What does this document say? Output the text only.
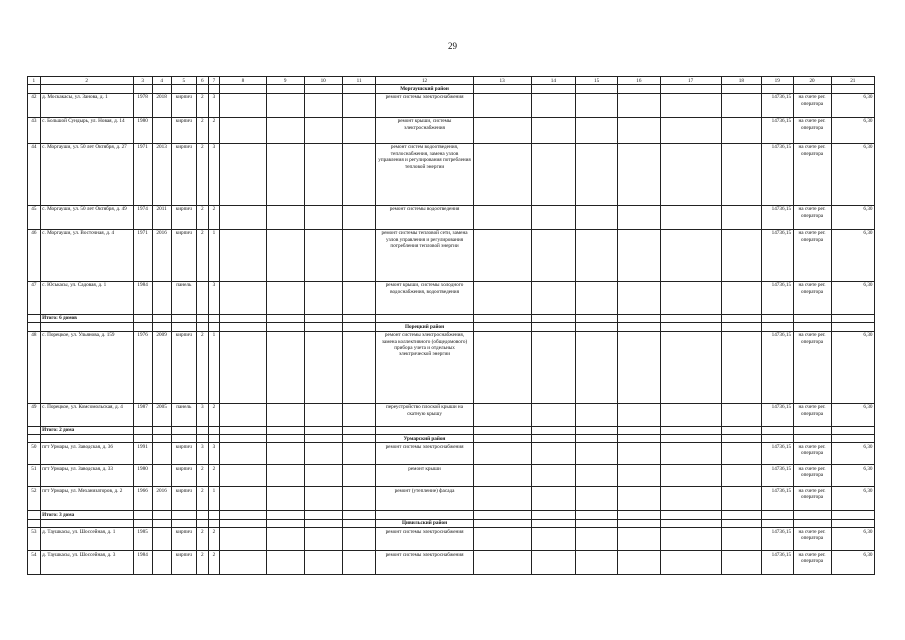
29
1	2	3	4	5	6	7	8	9	10	11	12	13	14	15	16	17	18	19	20	21
											Моргаушский район									
42	д. Москакасы, ул. Занова, д. 1	1978	2018	кирпич	2	3					ремонт системы электроснабжения							14736,15	на счете рег. оператора	6,30
43	с. Большой Сундырь, ул. Новая, д. 14	1980		кирпич	2	2					ремонт крыши, системы электроснабжения							14736,15	на счете рег. оператора	6,30
44	с. Моргауши, ул. 50 лет Октября, д. 27	1971	2013	кирпич	2	3					ремонт систем водоотведения, теплоснабжения, замена узлов управления и регулирования потребления тепловой энергии							14736,15	на счете рег. оператора	6,30
45	с. Моргауши, ул. 50 лет Октября, д. 49	1974	2011	кирпич	2	2					ремонт системы водоотведения							14736,15	на счете рег. оператора	6,30
46	с. Моргауши, ул. Восточная, д. 4	1971	2016	кирпич	2	1					ремонт системы тепловой сети, замена узлов управления и регулирования потребления тепловой энергии							14736,15	на счете рег. оператора	6,30
47	с. Юськасы, ул. Садовая, д. 1	1984		панель		3					ремонт крыши, системы холодного водоснабжения, водоотведения							14736,15	на счете рег. оператора	6,30
	Итого: 6 домов																			
											Порецкий район									
48	с. Порецкое, ул. Ульянова, д. 159	1976	2009	кирпич	2	1					ремонт системы электроснабжения, замена коллективного (общедомового) прибора учета и отдельных электрической энергии							14736,15	на счете рег. оператора	6,30
49	с. Порецкое, ул. Комсомольская, д. 4	1987	2005	панель	3	2					переустройство плоской крыши на скатную крышу							14736,15	на счете рег. оператора	6,30
	Итого: 2 дома																			
											Урмарский район									
50	пгт Урмары, ул. Заводская, д. 36	1991		кирпич	3	3					ремонт системы электроснабжения							14736,15	на счете рег. оператора	6,30
51	пгт Урмары, ул. Заводская, д. 33	1980		кирпич	2	2					ремонт крыши							14736,15	на счете рег. оператора	6,30
52	пгт Урмары, ул. Механизаторов, д. 2	1966	2016	кирпич	2	1					ремонт (утепление) фасада							14736,15	на счете рег. оператора	6,30
	Итого: 3 дома																			
											Цивильский район									
53	д. Таушкасы, ул. Шоссейная, д. 1	1985		кирпич	2	2					ремонт системы электроснабжения							14736,15	на счете рег. оператора	6,30
54	д. Таушкасы, ул. Шоссейная, д. 3	1984		кирпич	2	2					ремонт системы электроснабжения							14736,15	на счете рег. оператора	6,30
